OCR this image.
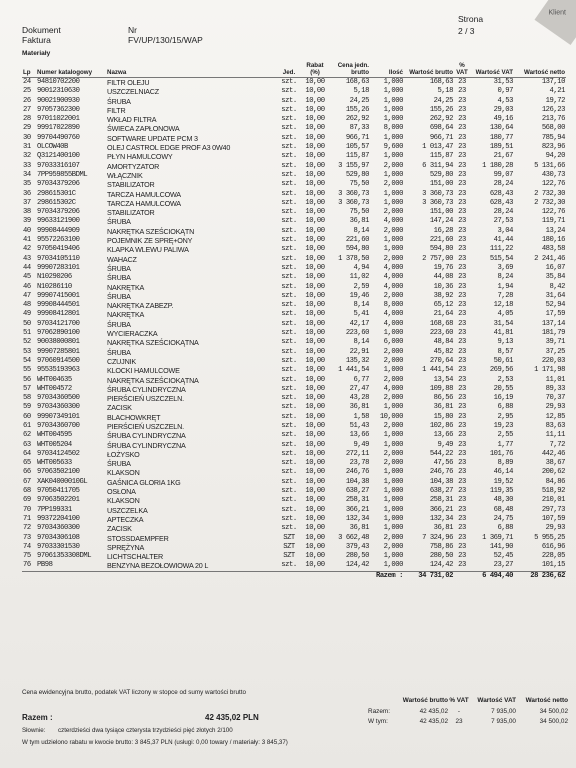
Klient
Dokument
Faktura
Nr
FV/UP/130/15/WAP
Strona
2 / 3
Materiały
Lp	Numer katalogowy	Nazwa	Jed.	Rabat (%)	Cena jedn. brutto	Ilość	Wartość brutto	% VAT	Wartość VAT	Wartość netto
24	94810702200	FILTR OLEJU	szt.	10,00	168,63	1,000	168,63	23	31,53	137,10
25	90012310630	USZCZELNIACZ	szt.	10,00	5,18	1,000	5,18	23	0,97	4,21
26	90021900930	ŚRUBA	szt.	10,00	24,25	1,000	24,25	23	4,53	19,72
27	97057362300	FILTR	szt.	10,00	155,26	1,000	155,26	23	29,03	126,23
28	97011022001	WKŁAD FILTRA	szt.	10,00	262,92	1,000	262,92	23	49,16	213,76
29	99917022890	ŚWIECA ZAPŁONOWA	szt.	10,00	87,33	8,000	698,64	23	130,64	568,00
30	99704490760	SOFTWARE UPDATE PCM 3	szt.	10,00	966,71	1,000	966,71	23	180,77	785,94
31	OLCOW40B	OLEJ CASTROL EDGE PROF A3 0W40	szt.	10,00	105,57	9,600	1 013,47	23	189,51	823,96
32	Q3121400100	PŁYN HAMULCOWY	szt.	10,00	115,87	1,000	115,87	23	21,67	94,20
33	97033316107	AMORTYZATOR	szt.	10,00	3 155,97	2,000	6 311,94	23	1 180,28	5 131,66
34	7PP959855BDML	WŁĄCZNIK	szt.	10,00	529,80	1,000	529,80	23	99,07	430,73
35	97034379206	STABILIZATOR	szt.	10,00	75,50	2,000	151,00	23	28,24	122,76
36	298615301C	TARCZA HAMULCOWA	szt.	10,00	3 360,73	1,000	3 360,73	23	628,43	2 732,30
37	298615302C	TARCZA HAMULCOWA	szt.	10,00	3 360,73	1,000	3 360,73	23	628,43	2 732,30
38	97034379206	STABILIZATOR	szt.	10,00	75,50	2,000	151,00	23	28,24	122,76
39	99633121900	ŚRUBA	szt.	10,00	36,81	4,000	147,24	23	27,53	119,71
40	99908444909	NAKRĘTKA SZEŚCIOKĄTN	szt.	10,00	8,14	2,000	16,28	23	3,04	13,24
41	95572263100	POJEMNIK ZE SPRĘ+ONY	szt.	10,00	221,60	1,000	221,60	23	41,44	180,16
42	97050419406	KLAPKA WLEWU PALIWA	szt.	10,00	594,80	1,000	594,80	23	111,22	483,58
43	97034105110	WAHACZ	szt.	10,00	1 378,50	2,000	2 757,00	23	515,54	2 241,46
44	99907283101	ŚRUBA	szt.	10,00	4,94	4,000	19,76	23	3,69	16,07
45	N10290206	ŚRUBA	szt.	10,00	11,02	4,000	44,08	23	8,24	35,84
46	N10286110	NAKRĘTKA	szt.	10,00	2,59	4,000	10,36	23	1,94	8,42
47	99907415001	ŚRUBA	szt.	10,00	19,46	2,000	38,92	23	7,28	31,64
48	99908444501	NAKRĘTKA ZABEZP.	szt.	10,00	8,14	8,000	65,12	23	12,18	52,94
49	99908412801	NAKRĘTKA	szt.	10,00	5,41	4,000	21,64	23	4,05	17,59
50	97034121700	ŚRUBA	szt.	10,00	42,17	4,000	168,68	23	31,54	137,14
51	97062890100	WYCIERACZKA	szt.	10,00	223,60	1,000	223,60	23	41,81	181,79
52	90038000801	NAKRĘTKA SZEŚCIOKĄTNA	szt.	10,00	8,14	6,000	48,84	23	9,13	39,71
53	99907285801	ŚRUBA	szt.	10,00	22,91	2,000	45,82	23	8,57	37,25
54	97060914500	CZUJNIK	szt.	10,00	135,32	2,000	270,64	23	50,61	220,03
55	95535193963	KLOCKI HAMULCOWE	szt.	10,00	1 441,54	1,000	1 441,54	23	269,56	1 171,98
56	WHT004635	NAKRĘTKA SZEŚCIOKĄTNA	szt.	10,00	6,77	2,000	13,54	23	2,53	11,01
57	WHT004572	ŚRUBA CYLINDRYCZNA	szt.	10,00	27,47	4,000	109,88	23	20,55	89,33
58	97034360500	PIERŚCIEŃ USZCZELN.	szt.	10,00	43,28	2,000	86,56	23	16,19	70,37
59	97034360300	ZACISK	szt.	10,00	36,81	1,000	36,81	23	6,88	29,93
60	99907349101	BLACHOWKRĘT	szt.	10,00	1,58	10,000	15,80	23	2,95	12,85
61	97034360700	PIERŚCIEŃ USZCZELN.	szt.	10,00	51,43	2,000	102,86	23	19,23	83,63
62	WHT004595	ŚRUBA CYLINDRYCZNA	szt.	10,00	13,66	1,000	13,66	23	2,55	11,11
63	WHT005204	ŚRUBA CYLINDRYCZNA	szt.	10,00	9,49	1,000	9,49	23	1,77	7,72
64	97034124502	ŁOŻYSKO	szt.	10,00	272,11	2,000	544,22	23	101,76	442,46
65	WHT005633	ŚRUBA	szt.	10,00	23,78	2,000	47,56	23	8,89	38,67
66	97063502100	KLAKSON	szt.	10,00	246,76	1,000	246,76	23	46,14	200,62
67	XAK04000010GL	GAŚNICA GLORIA 1KG	szt.	10,00	104,38	1,000	104,38	23	19,52	84,86
68	97050411705	OSŁONA	szt.	10,00	638,27	1,000	638,27	23	119,35	518,92
69	97063502201	KLAKSON	szt.	10,00	258,31	1,000	258,31	23	48,30	210,01
70	7PP199331	USZCZELKA	szt.	10,00	366,21	1,000	366,21	23	68,48	297,73
71	99372204100	APTECZKA	szt.	10,00	132,34	1,000	132,34	23	24,75	107,59
72	97034360300	ZACISK	szt.	10,00	36,81	1,000	36,81	23	6,88	29,93
73	97034306108	STOSSDAEMPFER	SZT	10,00	3 662,48	2,000	7 324,96	23	1 369,71	5 955,25
74	97033301530	SPRĘŻYNA	SZT	10,00	379,43	2,000	758,86	23	141,90	616,96
75	97061353308DML	LICHTSCHALTER	SZT	10,00	280,50	1,000	280,50	23	52,45	228,05
76	PB98	BENZYNA BEZOŁOWIOWA 20 L	szt.	10,00	124,42	1,000	124,42	23	23,27	101,15
						Razem :	34 731,02		6 494,40	28 236,62
Cena ewidencyjna brutto, podatek VAT liczony w stopce od sumy wartości brutto
Wartość brutto % VAT	Wartość VAT	Wartość netto
Razem:	42 435,02	-	7 935,00	34 500,02
W tym:	42 435,02	23	7 935,00	34 500,02
Razem :	42 435,02 PLN
Słownie: czterdzieści dwa tysiące czterysta trzydzieści pięć złotych 2/100
W tym udzielono rabatu w kwocie brutto: 3 845,37 PLN (usługi: 0,00 towary / materiały: 3 845,37)
